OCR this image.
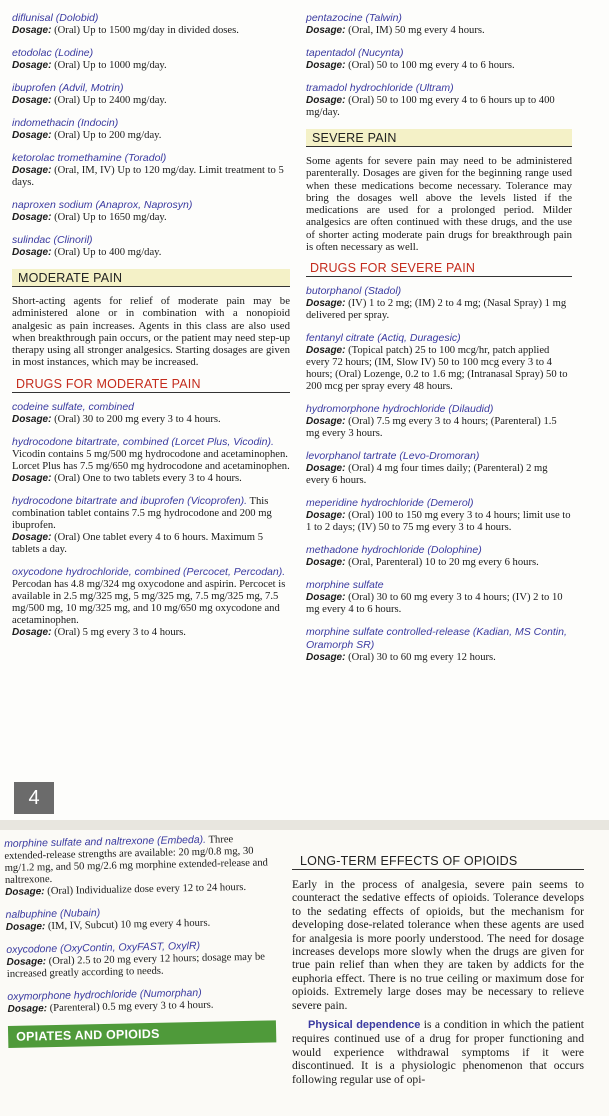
diflunisal (Dolobid)
Dosage: (Oral) Up to 1500 mg/day in divided doses.
etodolac (Lodine)
Dosage: (Oral) Up to 1000 mg/day.
ibuprofen (Advil, Motrin)
Dosage: (Oral) Up to 2400 mg/day.
indomethacin (Indocin)
Dosage: (Oral) Up to 200 mg/day.
ketorolac tromethamine (Toradol)
Dosage: (Oral, IM, IV) Up to 120 mg/day. Limit treatment to 5 days.
naproxen sodium (Anaprox, Naprosyn)
Dosage: (Oral) Up to 1650 mg/day.
sulindac (Clinoril)
Dosage: (Oral) Up to 400 mg/day.
MODERATE PAIN

Short-acting agents for relief of moderate pain may be administered alone or in combination with a nonopioid analgesic as pain increases. Agents in this class are also used when breakthrough pain occurs, or the patient may need step-up therapy using all stronger analgesics. Starting dosages are given in most instances, which may be increased.

DRUGS FOR MODERATE PAIN
codeine sulfate, combined
Dosage: (Oral) 30 to 200 mg every 3 to 4 hours.
hydrocodone bitartrate, combined (Lorcet Plus, Vicodin). Vicodin contains 5 mg/500 mg hydrocodone and acetaminophen. Lorcet Plus has 7.5 mg/650 mg hydrocodone and acetaminophen.
Dosage: (Oral) One to two tablets every 3 to 4 hours.
hydrocodone bitartrate and ibuprofen (Vicoprofen). This combination tablet contains 7.5 mg hydrocodone and 200 mg ibuprofen.
Dosage: (Oral) One tablet every 4 to 6 hours. Maximum 5 tablets a day.
oxycodone hydrochloride, combined (Percocet, Percodan). Percodan has 4.8 mg/324 mg oxycodone and aspirin. Percocet is available in 2.5 mg/325 mg, 5 mg/325 mg, 7.5 mg/325 mg, 7.5 mg/500 mg, 10 mg/325 mg, and 10 mg/650 mg oxycodone and acetaminophen.
Dosage: (Oral) 5 mg every 3 to 4 hours.
pentazocine (Talwin)
Dosage: (Oral, IM) 50 mg every 4 hours.
tapentadol (Nucynta)
Dosage: (Oral) 50 to 100 mg every 4 to 6 hours.
tramadol hydrochloride (Ultram)
Dosage: (Oral) 50 to 100 mg every 4 to 6 hours up to 400 mg/day.
SEVERE PAIN

Some agents for severe pain may need to be administered parenterally. Dosages are given for the beginning range used when these medications become necessary. Tolerance may bring the dosages well above the levels listed if the medications are used for a prolonged period. Milder analgesics are often continued with these drugs, and the use of shorter acting moderate pain drugs for breakthrough pain is often necessary as well.

DRUGS FOR SEVERE PAIN
butorphanol (Stadol)
Dosage: (IV) 1 to 2 mg; (IM) 2 to 4 mg; (Nasal Spray) 1 mg delivered per spray.
fentanyl citrate (Actiq, Duragesic)
Dosage: (Topical patch) 25 to 100 mcg/hr, patch applied every 72 hours; (IM, Slow IV) 50 to 100 mcg every 3 to 4 hours; (Oral) Lozenge, 0.2 to 1.6 mg; (Intranasal Spray) 50 to 200 mcg per spray every 48 hours.
hydromorphone hydrochloride (Dilaudid)
Dosage: (Oral) 7.5 mg every 3 to 4 hours; (Parenteral) 1.5 mg every 3 hours.
levorphanol tartrate (Levo-Dromoran)
Dosage: (Oral) 4 mg four times daily; (Parenteral) 2 mg every 6 hours.
meperidine hydrochloride (Demerol)
Dosage: (Oral) 100 to 150 mg every 3 to 4 hours; limit use to 1 to 2 days; (IV) 50 to 75 mg every 3 to 4 hours.
methadone hydrochloride (Dolophine)
Dosage: (Oral, Parenteral) 10 to 20 mg every 6 hours.
morphine sulfate
Dosage: (Oral) 30 to 60 mg every 3 to 4 hours; (IV) 2 to 10 mg every 4 to 6 hours.
morphine sulfate controlled-release (Kadian, MS Contin, Oramorph SR)
Dosage: (Oral) 30 to 60 mg every 12 hours.
4
morphine sulfate and naltrexone (Embeda). Three extended-release strengths are available: 20 mg/0.8 mg, 30 mg/1.2 mg, and 50 mg/2.6 mg morphine extended-release and naltrexone.
Dosage: (Oral) Individualize dose every 12 to 24 hours.
nalbuphine (Nubain)
Dosage: (IM, IV, Subcut) 10 mg every 4 hours.
oxycodone (OxyContin, OxyFAST, OxylR)
Dosage: (Oral) 2.5 to 20 mg every 12 hours; dosage may be increased greatly according to needs.
oxymorphone hydrochloride (Numorphan)
Dosage: (Parenteral) 0.5 mg every 3 to 4 hours.
OPIATES AND OPIOIDS
LONG-TERM EFFECTS OF OPIOIDS

Early in the process of analgesia, severe pain seems to counteract the sedative effects of opioids. Tolerance develops to the sedating effects of opioids, but the mechanism for developing dose-related tolerance when these agents are used for analgesia is more poorly understood. The need for dosage increases develops more slowly when the drugs are given for true pain relief than when they are taken by addicts for the euphoria effect. There is no true ceiling or maximum dose for opioids. Extremely large doses may be necessary to relieve severe pain.

Physical dependence is a condition in which the patient requires continued use of a drug for proper functioning and would experience withdrawal symptoms if it were discontinued. It is a physiologic phenomenon that occurs following regular use of opi-
